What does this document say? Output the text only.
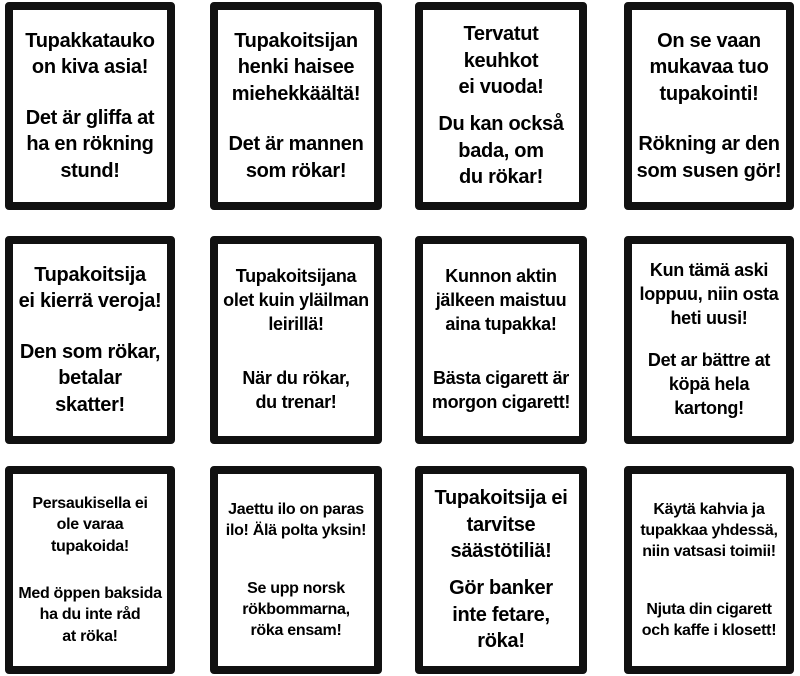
Tupakkatauko
on kiva asia!
Det är gliffa at
ha en rökning
stund!
Tupakoitsijan
henki haisee
miehekkäältä!
Det är mannen
som rökar!
Tervatut keuhkot
ei vuoda!
Du kan också
bada, om
du rökar!
On se vaan
mukavaa tuo
tupakointi!
Rökning ar den
som susen gör!
Tupakoitsija
ei kierrä veroja!
Den som rökar,
betalar
skatter!
Tupakoitsijana
olet kuin yläilman
leirillä!
När du rökar,
du trenar!
Kunnon aktin
jälkeen maistuu
aina tupakka!
Bästa cigarett är
morgon cigarett!
Kun tämä aski
loppuu, niin osta
heti uusi!
Det ar bättre at
köpä hela kartong!
Persaukisella ei
ole varaa
tupakoida!
Med öppen baksida
ha du inte råd
at röka!
Jaettu ilo on paras
ilo! Älä polta yksin!
Se upp norsk
rökbommarna,
röka ensam!
Tupakoitsija ei
tarvitse
säästötiliä!
Gör banker
inte fetare, röka!
Käytä kahvia ja
tupakkaa yhdessä,
niin vatsasi toimii!
Njuta din cigarett
och kaffe i klosett!
